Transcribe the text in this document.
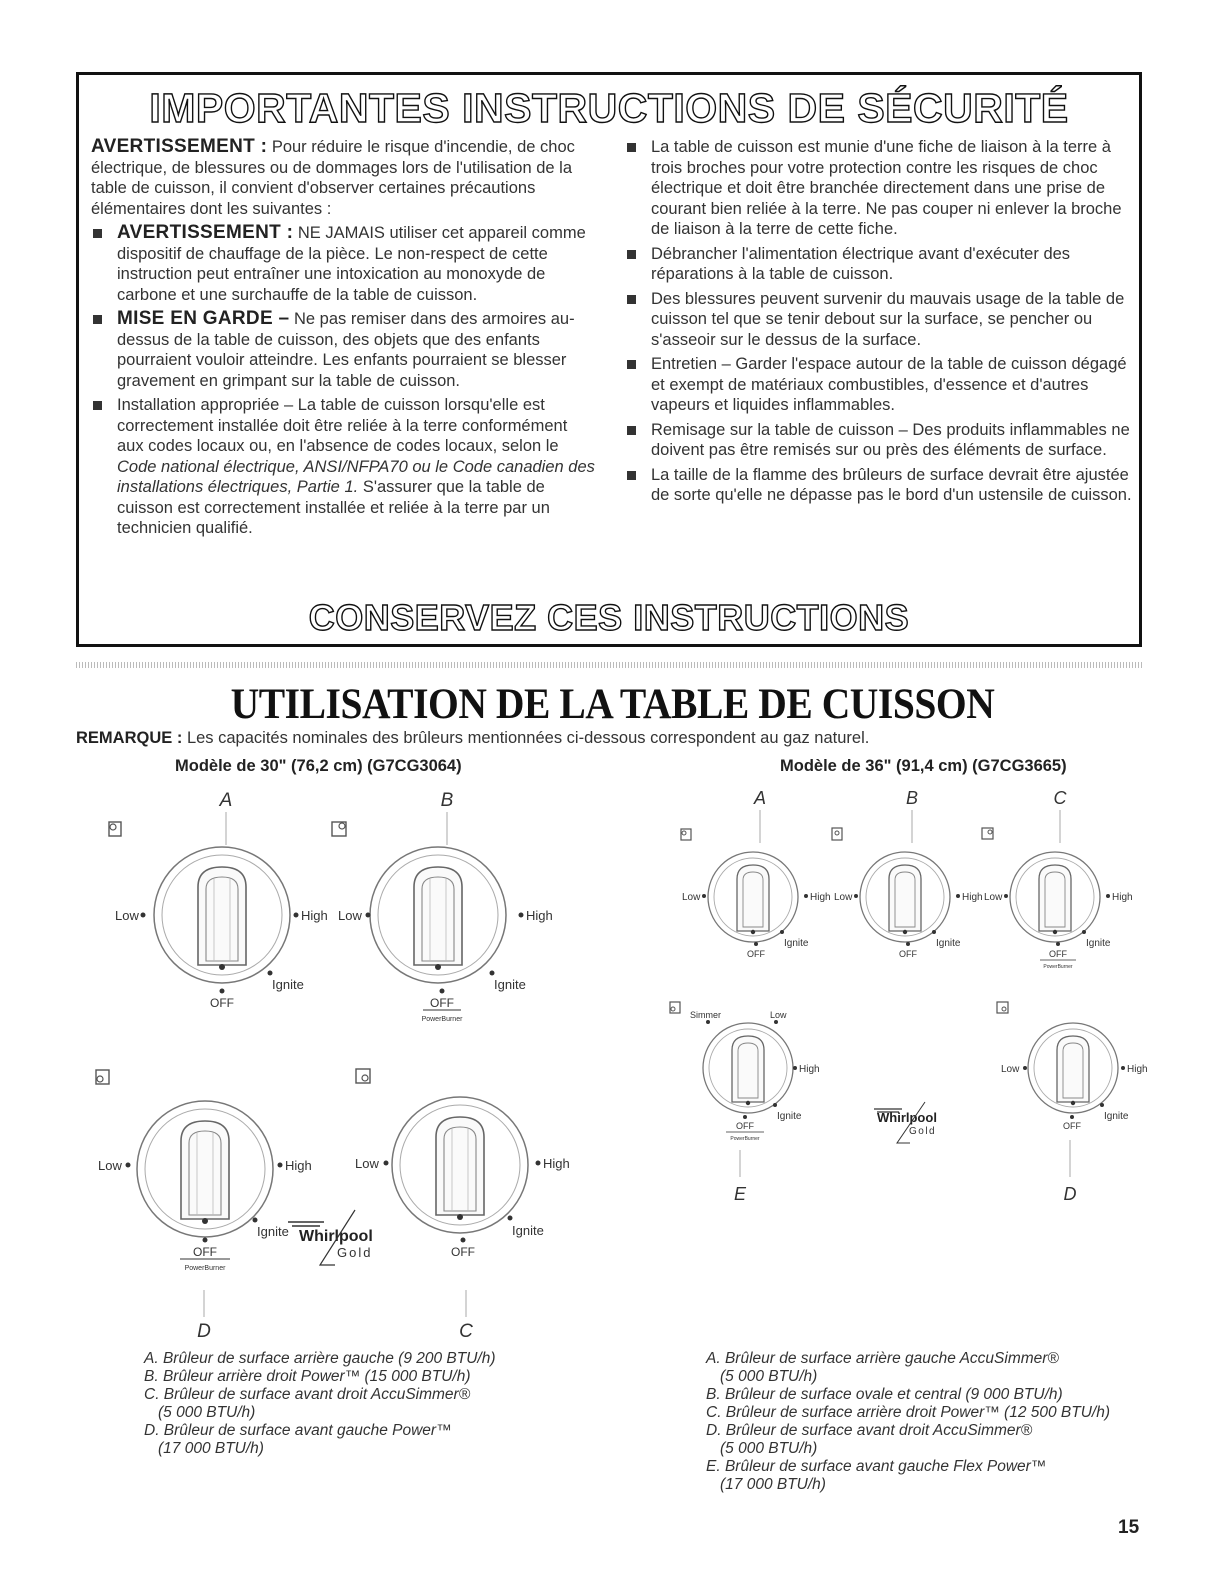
IMPORTANTES INSTRUCTIONS DE SÉCURITÉ

AVERTISSEMENT : Pour réduire le risque d'incendie, de choc électrique, de blessures ou de dommages lors de l'utilisation de la table de cuisson, il convient d'observer certaines précautions élémentaires dont les suivantes :

AVERTISSEMENT : NE JAMAIS utiliser cet appareil comme dispositif de chauffage de la pièce. Le non-respect de cette instruction peut entraîner une intoxication au monoxyde de carbone et une surchauffe de la table de cuisson.
MISE EN GARDE – Ne pas remiser dans des armoires au-dessus de la table de cuisson, des objets que des enfants pourraient vouloir atteindre. Les enfants pourraient se blesser gravement en grimpant sur la table de cuisson.
Installation appropriée – La table de cuisson lorsqu'elle est correctement installée doit être reliée à la terre conformément aux codes locaux ou, en l'absence de codes locaux, selon le Code national électrique, ANSI/NFPA70 ou le Code canadien des installations électriques, Partie 1. S'assurer que la table de cuisson est correctement installée et reliée à la terre par un technicien qualifié.
La table de cuisson est munie d'une fiche de liaison à la terre à trois broches pour votre protection contre les risques de choc électrique et doit être branchée directement dans une prise de courant bien reliée à la terre. Ne pas couper ni enlever la broche de liaison à la terre de cette fiche.
Débrancher l'alimentation électrique avant d'exécuter des réparations à la table de cuisson.
Des blessures peuvent survenir du mauvais usage de la table de cuisson tel que se tenir debout sur la surface, se pencher ou s'asseoir sur le dessus de la surface.
Entretien – Garder l'espace autour de la table de cuisson dégagé et exempt de matériaux combustibles, d'essence et d'autres vapeurs et liquides inflammables.
Remisage sur la table de cuisson – Des produits inflammables ne doivent pas être remisés sur ou près des éléments de surface.
La taille de la flamme des brûleurs de surface devrait être ajustée de sorte qu'elle ne dépasse pas le bord d'un ustensile de cuisson.
CONSERVEZ CES INSTRUCTIONS
UTILISATION DE LA TABLE DE CUISSON
REMARQUE : Les capacités nominales des brûleurs mentionnées ci-dessous correspondent au gaz naturel.
Modèle de 30" (76,2 cm) (G7CG3064)	Modèle de 36" (91,4 cm) (G7CG3665)
A	B
Low	High
Ignite
OFF
Low	High
Ignite
OFF
PowerBurner
Low	High
Ignite
OFF
PowerBurner
Low	High
Ignite
OFF
Whirlpool
Gold
D	C
A	B	C
Low	High
Ignite
OFF
Low	High
Ignite
OFF
Low	High
Ignite
OFF
PowerBurner
Simmer	Low
High
Ignite
OFF
PowerBurner
Low	High
Ignite
OFF
Whirlpool
Gold
E	D
A. Brûleur de surface arrière gauche (9 200 BTU/h)
B. Brûleur arrière droit Power™ (15 000 BTU/h)
C. Brûleur de surface avant droit AccuSimmer®
(5 000 BTU/h)
D. Brûleur de surface avant gauche Power™
(17 000 BTU/h)
A. Brûleur de surface arrière gauche AccuSimmer®
(5 000 BTU/h)
B. Brûleur de surface ovale et central (9 000 BTU/h)
C. Brûleur de surface arrière droit Power™ (12 500 BTU/h)
D. Brûleur de surface avant droit AccuSimmer®
(5 000 BTU/h)
E. Brûleur de surface avant gauche Flex Power™
(17 000 BTU/h)
15
